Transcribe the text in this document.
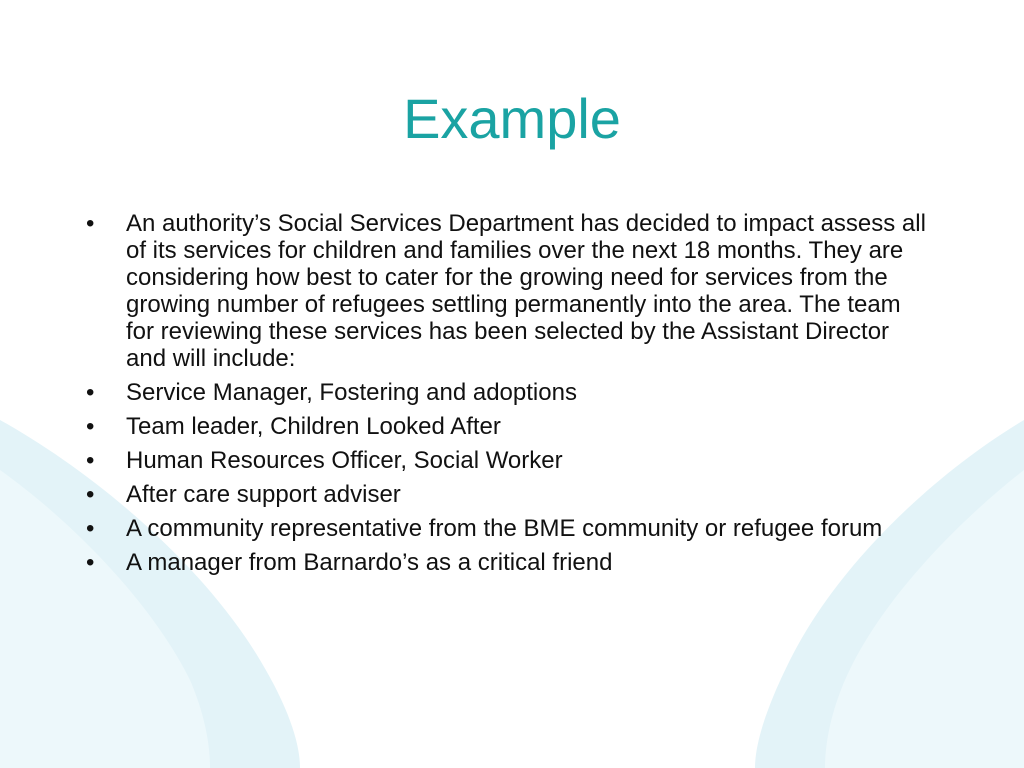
Example
•	An authority’s Social Services Department has decided to impact assess all of its services for children and families over the next 18 months. They are considering how best to cater for the growing need for services from the growing number of refugees settling permanently into the area. The team for reviewing these services has been selected by the Assistant Director and will include:
•	Service Manager, Fostering and adoptions
•	Team leader, Children Looked After
•	Human Resources Officer, Social Worker
•	After care support adviser
•	A community representative from the BME community or refugee forum
•	A manager from Barnardo’s as a critical friend
